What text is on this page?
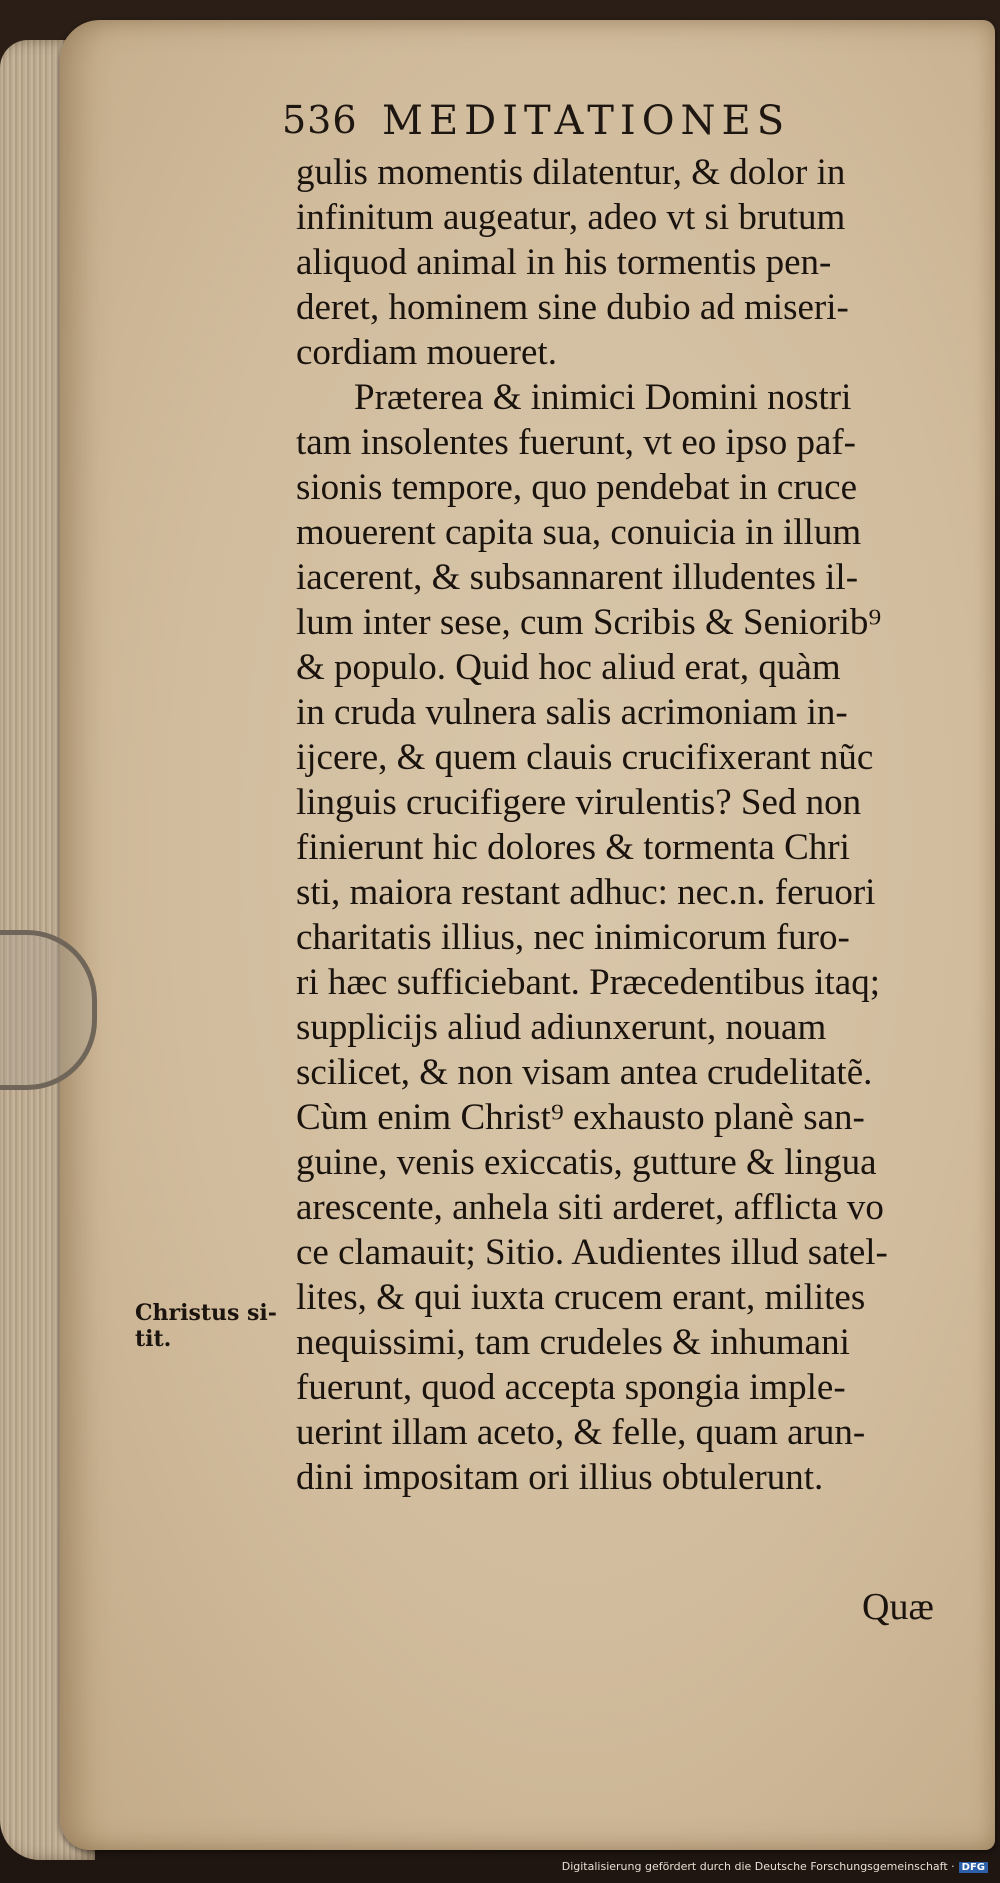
536 MEDITATIONES
gulis momentis dilatentur, & dolor in
infinitum augeatur, adeo vt si brutum
aliquod animal in his tormentis pen-
deret, hominem sine dubio ad miseri-
cordiam moueret.
Præterea & inimici Domini nostri
tam insolentes fuerunt, vt eo ipso paf-
sionis tempore, quo pendebat in cruce
mouerent capita sua, conuicia in illum
iacerent, & subsannarent illudentes il-
lum inter sese, cum Scribis & Seniorib⁹
& populo. Quid hoc aliud erat, quàm
in cruda vulnera salis acrimoniam in-
ijcere, & quem clauis crucifixerant nũc
linguis crucifigere virulentis? Sed non
finierunt hic dolores & tormenta Chri
sti, maiora restant adhuc: nec.n. feruori
charitatis illius, nec inimicorum furo-
ri hæc sufficiebant. Præcedentibus itaq;
supplicijs aliud adiunxerunt, nouam
scilicet, & non visam antea crudelitatẽ.
Cùm enim Christ⁹ exhausto planè san-
guine, venis exiccatis, gutture & lingua
arescente, anhela siti arderet, afflicta vo
ce clamauit; Sitio. Audientes illud satel-
lites, & qui iuxta crucem erant, milites
nequissimi, tam crudeles & inhumani
fuerunt, quod accepta spongia imple-
uerint illam aceto, & felle, quam arun-
dini impositam ori illius obtulerunt.
Christus si-
tit.
Quæ
Digitalisierung gefördert durch die Deutsche Forschungsgemeinschaft · DFG
